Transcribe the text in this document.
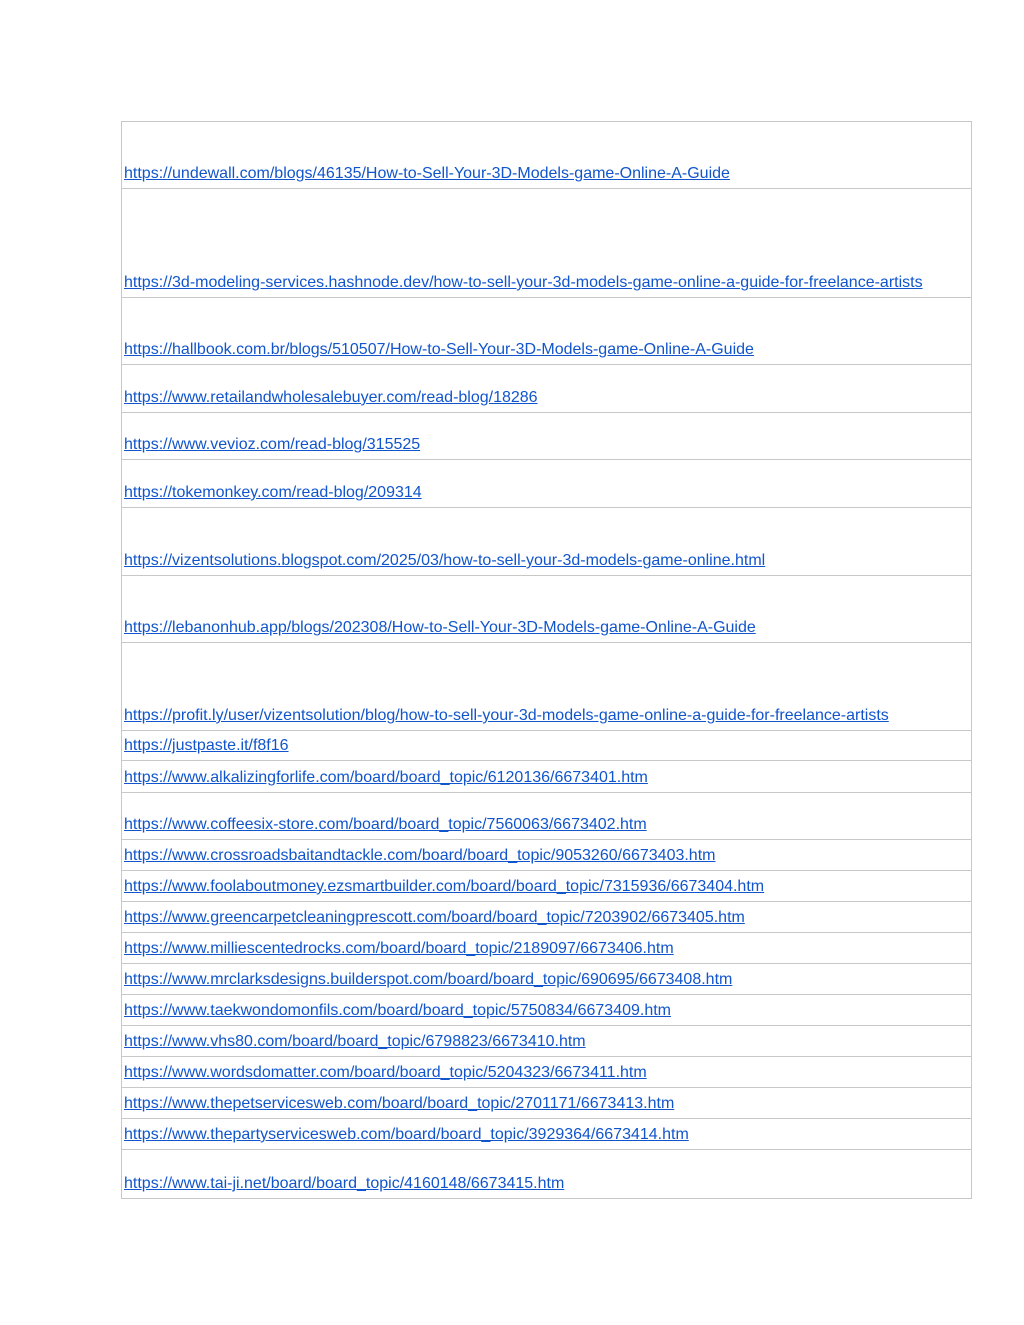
https://undewall.com/blogs/46135/How-to-Sell-Your-3D-Models-game-Online-A-Guide
https://3d-modeling-services.hashnode.dev/how-to-sell-your-3d-models-game-online-a-guide-for-freelance-artists
https://hallbook.com.br/blogs/510507/How-to-Sell-Your-3D-Models-game-Online-A-Guide
https://www.retailandwholesalebuyer.com/read-blog/18286
https://www.vevioz.com/read-blog/315525
https://tokemonkey.com/read-blog/209314
https://vizentsolutions.blogspot.com/2025/03/how-to-sell-your-3d-models-game-online.html
https://lebanonhub.app/blogs/202308/How-to-Sell-Your-3D-Models-game-Online-A-Guide
https://profit.ly/user/vizentsolution/blog/how-to-sell-your-3d-models-game-online-a-guide-for-freelance-artists
https://justpaste.it/f8f16
https://www.alkalizingforlife.com/board/board_topic/6120136/6673401.htm
https://www.coffeesix-store.com/board/board_topic/7560063/6673402.htm
https://www.crossroadsbaitandtackle.com/board/board_topic/9053260/6673403.htm
https://www.foolaboutmoney.ezsmartbuilder.com/board/board_topic/7315936/6673404.htm
https://www.greencarpetcleaningprescott.com/board/board_topic/7203902/6673405.htm
https://www.milliescentedrocks.com/board/board_topic/2189097/6673406.htm
https://www.mrclarksdesigns.builderspot.com/board/board_topic/690695/6673408.htm
https://www.taekwondomonfils.com/board/board_topic/5750834/6673409.htm
https://www.vhs80.com/board/board_topic/6798823/6673410.htm
https://www.wordsdomatter.com/board/board_topic/5204323/6673411.htm
https://www.thepetservicesweb.com/board/board_topic/2701171/6673413.htm
https://www.thepartyservicesweb.com/board/board_topic/3929364/6673414.htm
https://www.tai-ji.net/board/board_topic/4160148/6673415.htm
